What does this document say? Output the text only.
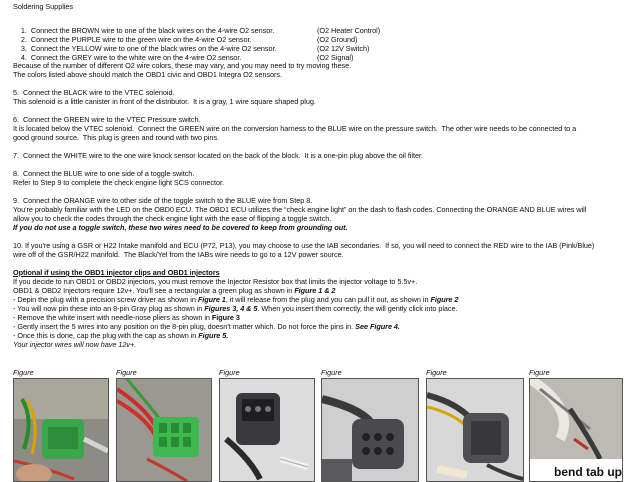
Soldering Supplies

1.  Connect the BROWN wire to one of the black wires on the 4-wire O2 sensor.	(O2 Heater Control)

2.  Connect the PURPLE wire to the green wire on the 4-wire O2 sensor.	(O2 Ground)

3.  Connect the YELLOW wire to one of the black wires on the 4-wire O2 sensor.	(O2 12V Switch)

4.  Connect the GREY wire to the white wire on the 4-wire O2 sensor.	(O2 Signal)

Because of the number of different O2 wire colors, these may vary, and you may need to try moving these.
The colors listed above should match the OBD1 civic and OBD1 Integra O2 sensors.
5.  Connect the BLACK wire to the VTEC solenoid.
This solenoid is a little canister in front of the distributor.  It is a gray, 1 wire square shaped plug.
6.  Connect the GREEN wire to the VTEC Pressure switch.
It is located below the VTEC solenoid.  Connect the GREEN wire on the conversion harness to the BLUE wire on the pressure switch.  The other wire needs to be connected to a
good ground source.  This plug is green and round with two pins.
7.  Connect the WHITE wire to the one wire knock sensor located on the back of the block.  It is a one-pin plug above the oil filter.
8.  Connect the BLUE wire to one side of a toggle switch.
Refer to Step 9 to complete the check engine light SCS connector.
9.  Connect the ORANGE wire to other side of the toggle switch to the BLUE wire from Step 8.
You're probably familiar with the LED on the OBD0 ECU. The OBD1 ECU utilizes the “check engine light” on the dash to flash codes. Connecting the ORANGE AND BLUE wires will
allow you to check the codes through the check engine light with the ease of flipping a toggle switch.
If you do not use a toggle switch, these two wires need to be covered to keep from grounding out.
10. If you're using a GSR or H22 Intake manifold and ECU (P72, P13), you may choose to use the IAB secondaries.  If so, you will need to connect the RED wire to the IAB (Pink/Blue)
wire off of the GSR/H22 manifold.  The Black/Yel from the IABs wire needs to go to a 12V power source.
Optional if using the OBD1 injector clips and OBD1 injectors
If you decide to run OBD1 or OBD2 injectors, you must remove the Injector Resistor box that limits the injector voltage to 5.5v+.
OBD1 & OBD2 Injectors require 12v+. You'll see a rectangular a green plug as shown in Figure 1 & 2
- Depin the plug with a precision screw driver as shown in Figure 1, it will release from the plug and you can pull it out, as shown in Figure 2
- You will now pin these into an 8-pin Gray plug as shown in Figures 3, 4 & 5. When you insert them correctly, the will gently click into place.
- Remove the white insert with needle-nose pliers as shown in Figure 3
- Gently insert the 5 wires into any position on the 8-pin plug, doesn't matter which. Do not force the pins in. See Figure 4.
- Once this is done, cap the plug with the cap as shown in Figure 5.
Your injector wires will now have 12v+.
Figure	Figure	Figure	Figure	Figure	Figure
bend tab up
